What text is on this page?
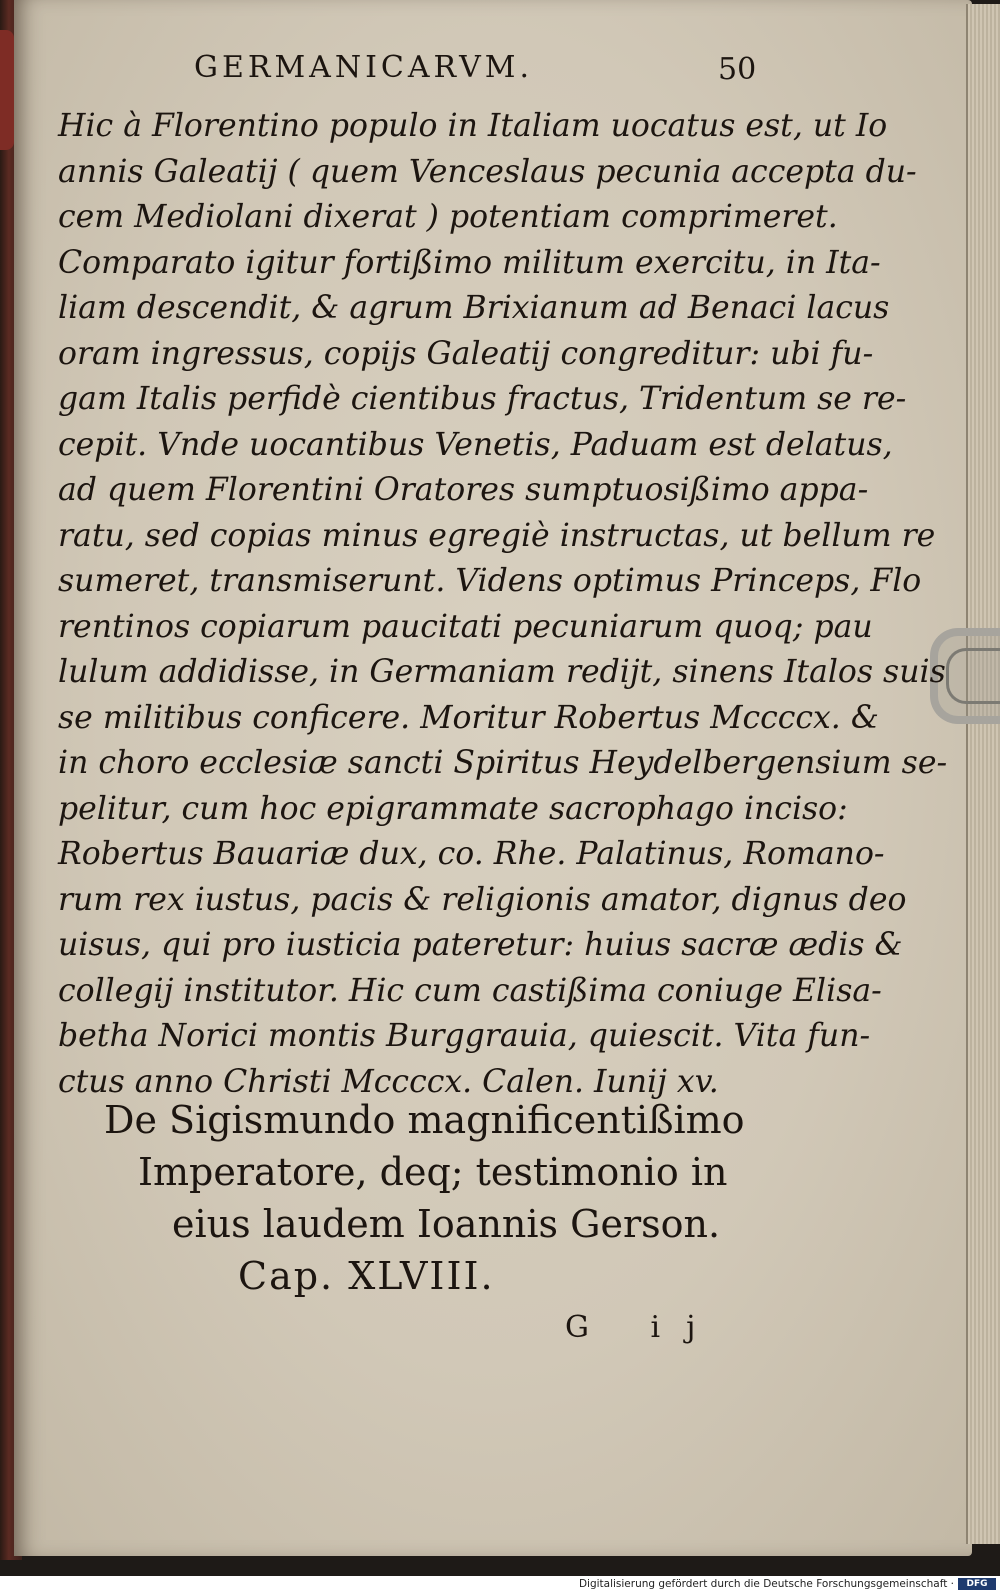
GERMANICARVM.	50
Hic à Florentino populo in Italiam uocatus est, ut Io
annis Galeatij ( quem Venceslaus pecunia accepta du-
cem Mediolani dixerat ) potentiam comprimeret.
Comparato igitur fortißimo militum exercitu, in Ita-
liam descendit, & agrum Brixianum ad Benaci lacus
oram ingressus, copijs Galeatij congreditur: ubi fu-
gam Italis perfidè cientibus fractus, Tridentum se re-
cepit. Vnde uocantibus Venetis, Paduam est delatus,
ad quem Florentini Oratores sumptuosißimo appa-
ratu, sed copias minus egregiè instructas, ut bellum re
sumeret, transmiserunt. Videns optimus Princeps, Flo
rentinos copiarum paucitati pecuniarum quoq; pau
lulum addidisse, in Germaniam redijt, sinens Italos suis
se militibus conficere. Moritur Robertus Mccccx. &
in choro ecclesiæ sancti Spiritus Heydelbergensium se-
pelitur, cum hoc epigrammate sacrophago inciso:
Robertus Bauariæ dux, co. Rhe. Palatinus, Romano-
rum rex iustus, pacis & religionis amator, dignus deo
uisus, qui pro iusticia pateretur: huius sacræ ædis &
collegij institutor. Hic cum castißima coniuge Elisa-
betha Norici montis Burggrauia, quiescit. Vita fun-
ctus anno Christi Mccccx. Calen. Iunij xv.
De Sigismundo magnificentißimo
Imperatore, deq; testimonio in
eius laudem Ioannis Gerson.
Cap. XLVIII.
G ij
Digitalisierung gefördert durch die Deutsche Forschungsgemeinschaft ·	DFG
